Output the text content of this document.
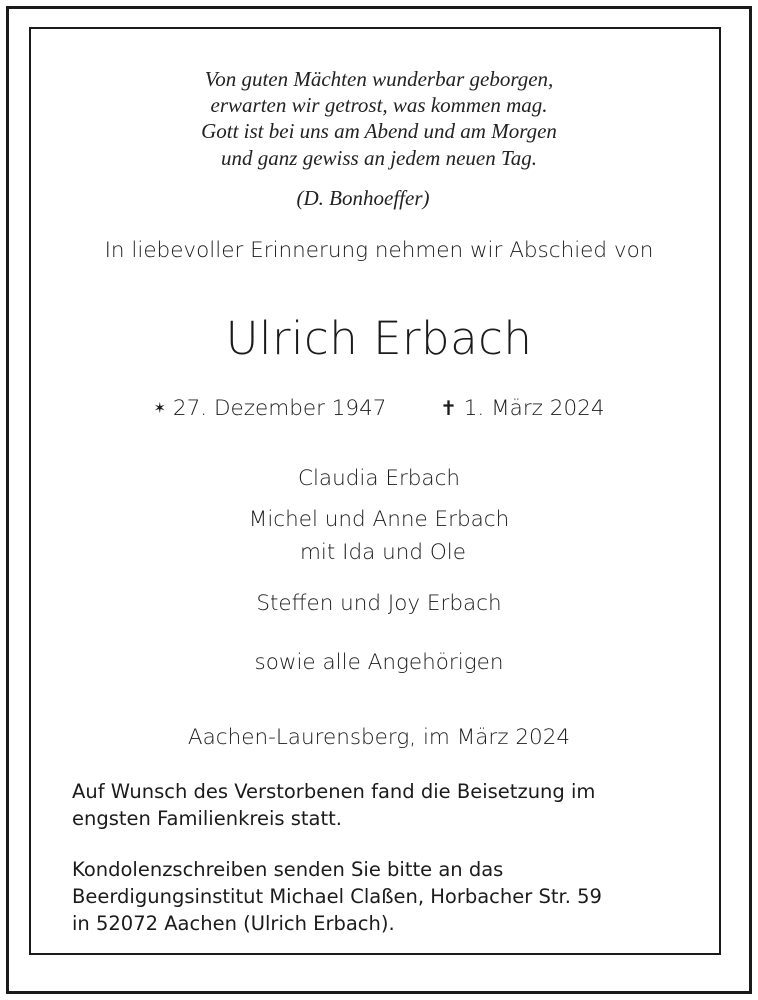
Von guten Mächten wunderbar geborgen,
erwarten wir getrost, was kommen mag.
Gott ist bei uns am Abend und am Morgen
und ganz gewiss an jedem neuen Tag.
(D. Bonhoeffer)
In liebevoller Erinnerung nehmen wir Abschied von
Ulrich Erbach
✶ 27. Dezember 1947	✝ 1. März 2024
Claudia Erbach
Michel und Anne Erbach
mit Ida und Ole
Steffen und Joy Erbach
sowie alle Angehörigen
Aachen-Laurensberg, im März 2024
Auf Wunsch des Verstorbenen fand die Beisetzung im
engsten Familienkreis statt.
Kondolenzschreiben senden Sie bitte an das
Beerdigungsinstitut Michael Claßen, Horbacher Str. 59
in 52072 Aachen (Ulrich Erbach).
